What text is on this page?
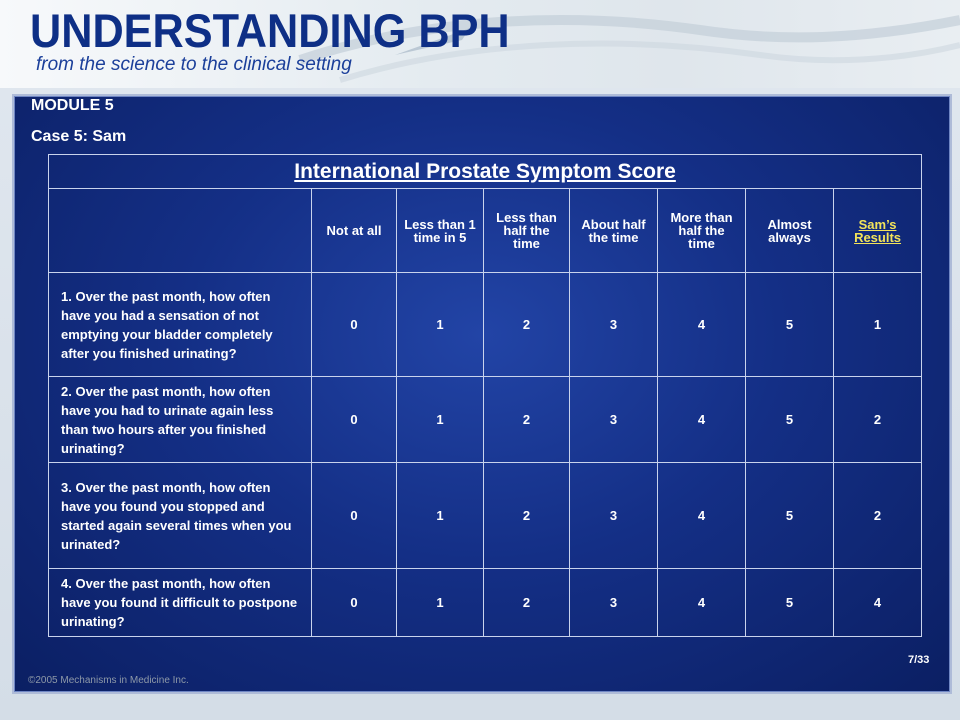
UNDERSTANDING BPH
from the science to the clinical setting
MODULE 5
Case 5: Sam
International Prostate Symptom Score							
	Not at all	Less than 1 time in 5	Less than half the time	About half the time	More than half the time	Almost always	Sam’s Results
1. Over the past month, how often have you had a sensation of not emptying your bladder completely after you finished urinating?	0	1	2	3	4	5	1
2. Over the past month, how often have you had to urinate again less than two hours after you finished urinating?	0	1	2	3	4	5	2
3. Over the past month, how often have you found you stopped and started again several times when you urinated?	0	1	2	3	4	5	2
4. Over the past month, how often have you found it difficult to postpone urinating?	0	1	2	3	4	5	4
7/33
©2005 Mechanisms in Medicine Inc.
